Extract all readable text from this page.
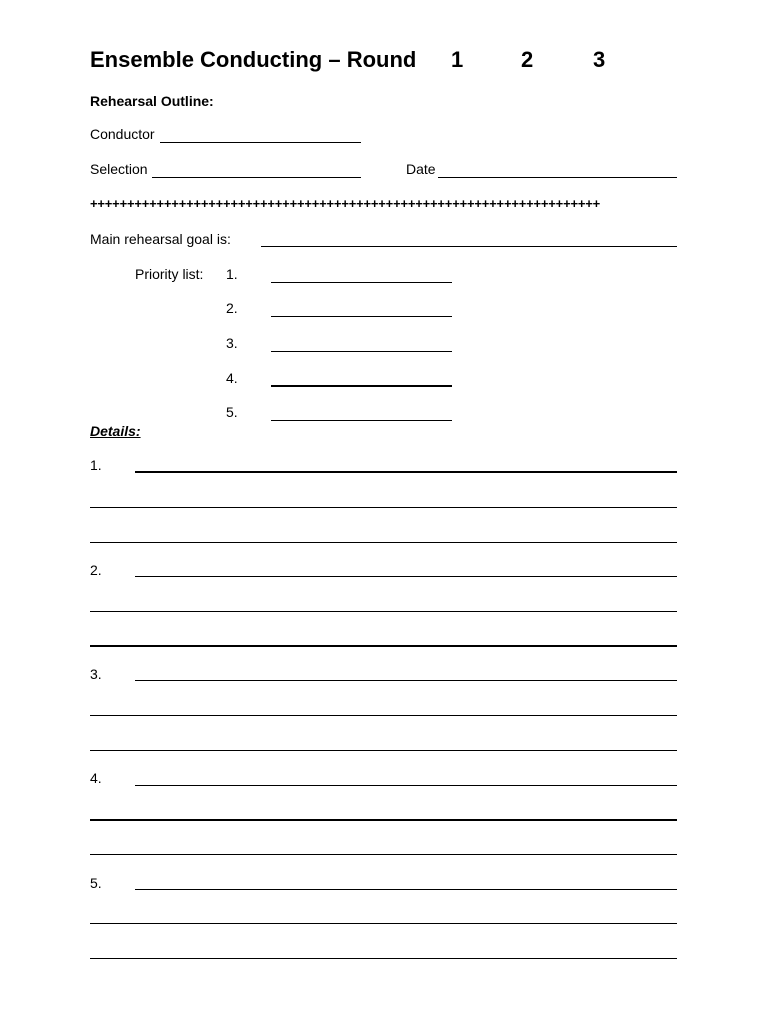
Ensemble Conducting – Round 1	2	3
Rehearsal Outline:
Conductor
Selection	Date
+++++++++++++++++++++++++++++++++++++++++++++++++++++++++++++++++++++
Main rehearsal goal is:
Priority list: 1.
2.
3.
4.
5.
Details:
1.
2.
3.
4.
5.
